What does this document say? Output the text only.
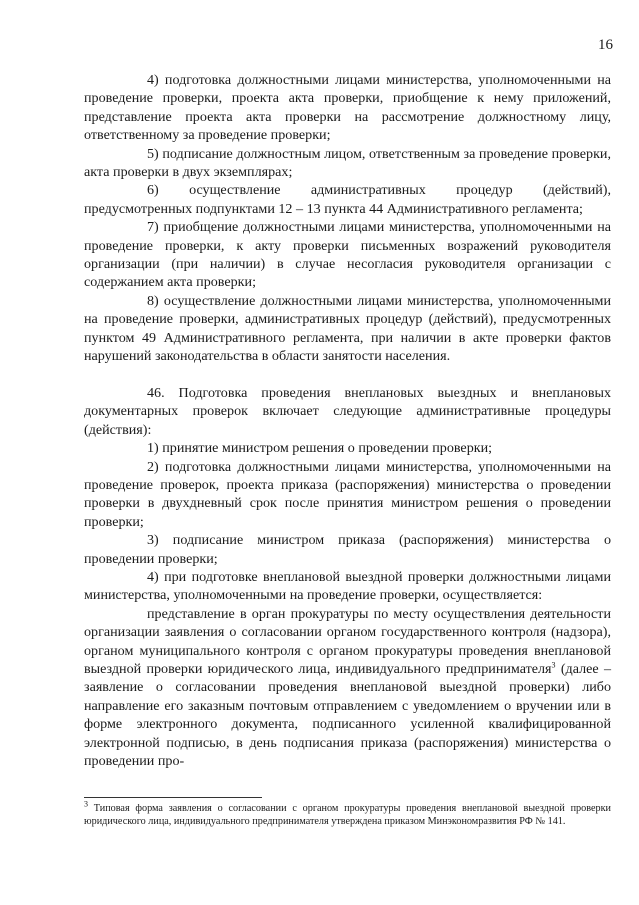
16

4) подготовка должностными лицами министерства, уполномоченными на проведение проверки, проекта акта проверки, приобщение к нему приложений, представление проекта акта проверки на рассмотрение должностному лицу, ответственному за проведение проверки;

5) подписание должностным лицом, ответственным за проведение проверки, акта проверки в двух экземплярах;

6) осуществление административных процедур (действий), предусмотренных подпунктами 12 – 13 пункта 44 Административного регламента;

7) приобщение должностными лицами министерства, уполномоченными на проведение проверки, к акту проверки письменных возражений руководителя организации (при наличии) в случае несогласия руководителя организации с содержанием акта проверки;

8) осуществление должностными лицами министерства, уполномоченными на проведение проверки, административных процедур (действий), предусмотренных пунктом 49 Административного регламента, при наличии в акте проверки фактов нарушений законодательства в области занятости населения.

46. Подготовка проведения внеплановых выездных и внеплановых документарных проверок включает следующие административные процедуры (действия):

1) принятие министром решения о проведении проверки;

2) подготовка должностными лицами министерства, уполномоченными на проведение проверок, проекта приказа (распоряжения) министерства о проведении проверки в двухдневный срок после принятия министром решения о проведении проверки;

3) подписание министром приказа (распоряжения) министерства о проведении проверки;

4) при подготовке внеплановой выездной проверки должностными лицами министерства, уполномоченными на проведение проверки, осуществляется:

представление в орган прокуратуры по месту осуществления деятельности организации заявления о согласовании органом государственного контроля (надзора), органом муниципального контроля с органом прокуратуры проведения внеплановой выездной проверки юридического лица, индивидуального предпринимателя$^3$ (далее – заявление о согласовании проведения внеплановой выездной проверки) либо направление его заказным почтовым отправлением с уведомлением о вручении или в форме электронного документа, подписанного усиленной квалифицированной электронной подписью, в день подписания приказа (распоряжения) министерства о проведении про-

$^3$ Типовая форма заявления о согласовании с органом прокуратуры проведения внеплановой выездной проверки юридического лица, индивидуального предпринимателя утверждена приказом Минэкономразвития РФ № 141.
